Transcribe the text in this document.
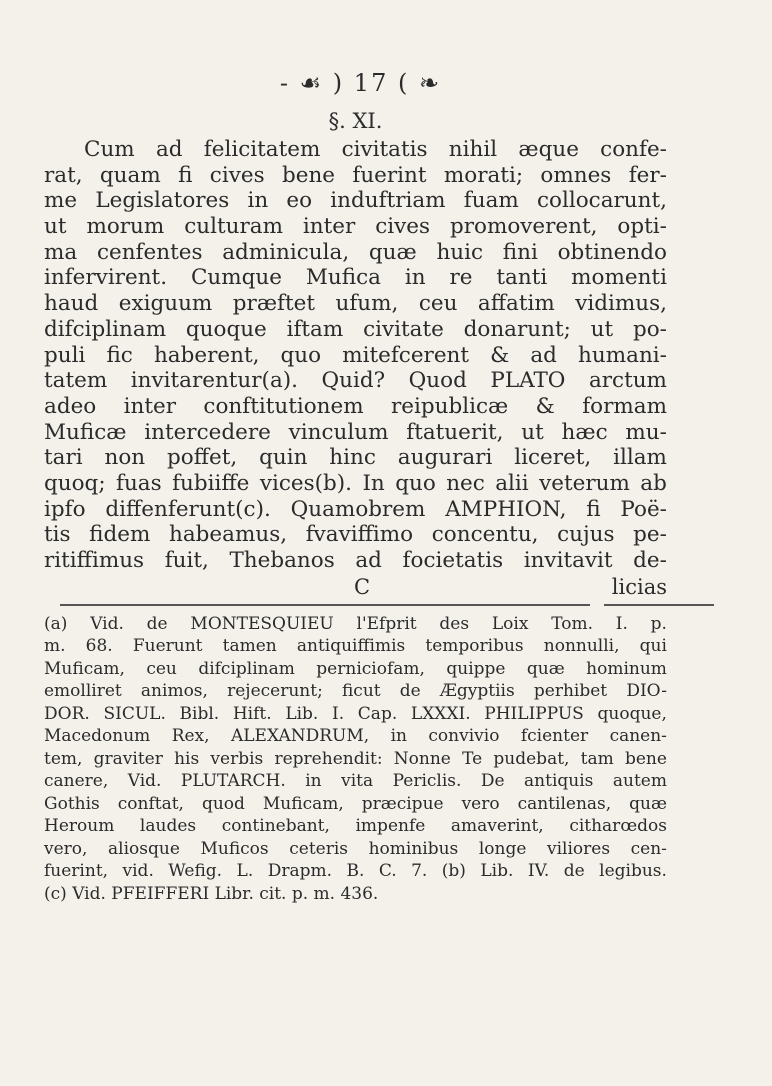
- ☙ ) 17 ( ❧
§. XI.
Cum ad felicitatem civitatis nihil æque confe-
rat, quam fi cives bene fuerint morati; omnes fer-
me Legislatores in eo induftriam fuam collocarunt,
ut morum culturam inter cives promoverent, opti-
ma cenfentes adminicula, quæ huic fini obtinendo
infervirent. Cumque Mufica in re tanti momenti
haud exiguum præftet ufum, ceu affatim vidimus,
difciplinam quoque iftam civitate donarunt; ut po-
puli fic haberent, quo mitefcerent & ad humani-
tatem invitarentur(a). Quid? Quod PLATO arctum
adeo inter conftitutionem reipublicæ & formam
Muficæ intercedere vinculum ftatuerit, ut hæc mu-
tari non poffet, quin hinc augurari liceret, illam
quoq; fuas fubiiffe vices(b). In quo nec alii veterum ab
ipfo diffenferunt(c). Quamobrem AMPHION, fi Poë-
tis fidem habeamus, fvaviffimo concentu, cujus pe-
ritiffimus fuit, Thebanos ad focietatis invitavit de-
C	licias
(a) Vid. de MONTESQUIEU l'Efprit des Loix Tom. I. p.
m. 68. Fuerunt tamen antiquiffimis temporibus nonnulli, qui
Muficam, ceu difciplinam perniciofam, quippe quæ hominum
emolliret animos, rejecerunt; ficut de Ægyptiis perhibet DIO-
DOR. SICUL. Bibl. Hift. Lib. I. Cap. LXXXI. PHILIPPUS quoque,
Macedonum Rex, ALEXANDRUM, in convivio fcienter canen-
tem, graviter his verbis reprehendit: Nonne Te pudebat, tam bene
canere, Vid. PLUTARCH. in vita Periclis. De antiquis autem
Gothis conftat, quod Muficam, præcipue vero cantilenas, quæ
Heroum laudes continebant, impenfe amaverint, citharœdos
vero, aliosque Muficos ceteris hominibus longe viliores cen-
fuerint, vid. Wefig. L. Drapm. B. C. 7. (b) Lib. IV. de legibus.
(c) Vid. PFEIFFERI Libr. cit. p. m. 436.
